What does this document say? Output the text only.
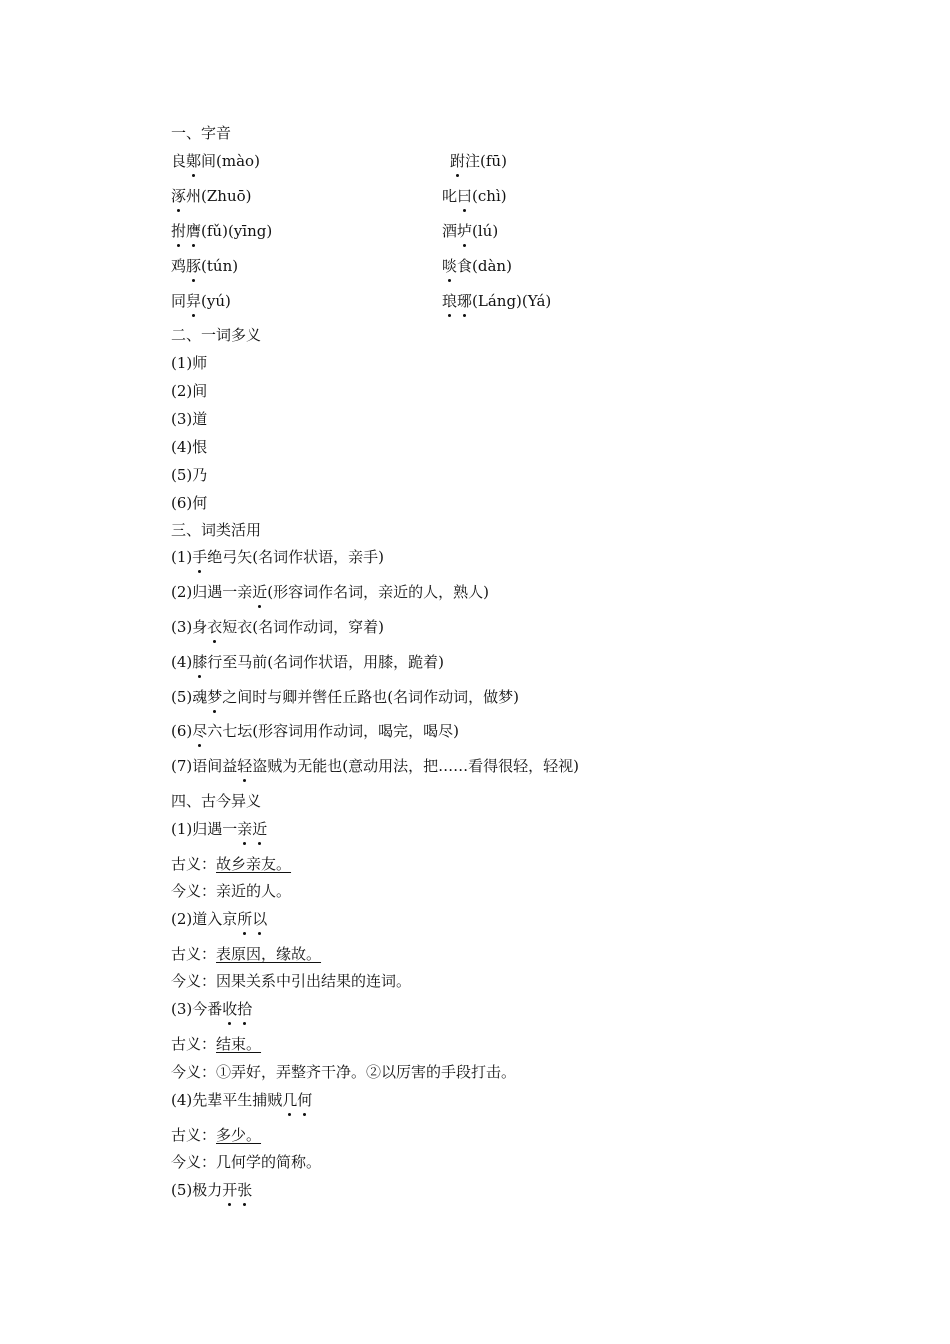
一、字音
良鄚间(mào)	跗注(fū)
涿州(Zhuō)	叱曰(chì)
拊膺(fǔ)(yīng)	酒垆(lú)
鸡豚(tún)	啖食(dàn)
同舁(yú)	琅琊(Láng)(Yá)
二、一词多义
(1)师
(2)间
(3)道
(4)恨
(5)乃
(6)何
三、词类活用
(1)手绝弓矢(名词作状语，亲手)
(2)归遇一亲近(形容词作名词，亲近的人，熟人)
(3)身衣短衣(名词作动词，穿着)
(4)膝行至马前(名词作状语，用膝，跪着)
(5)魂梦之间时与卿并辔任丘路也(名词作动词，做梦)
(6)尽六七坛(形容词用作动词，喝完，喝尽)
(7)语间益轻盗贼为无能也(意动用法，把……看得很轻，轻视)
四、古今异义
(1)归遇一亲近
古义：故乡亲友。
今义：亲近的人。
(2)道入京所以
古义：表原因，缘故。
今义：因果关系中引出结果的连词。
(3)今番收拾
古义：结束。
今义：①弄好，弄整齐干净。②以厉害的手段打击。
(4)先辈平生捕贼几何
古义：多少。
今义：几何学的简称。
(5)极力开张
